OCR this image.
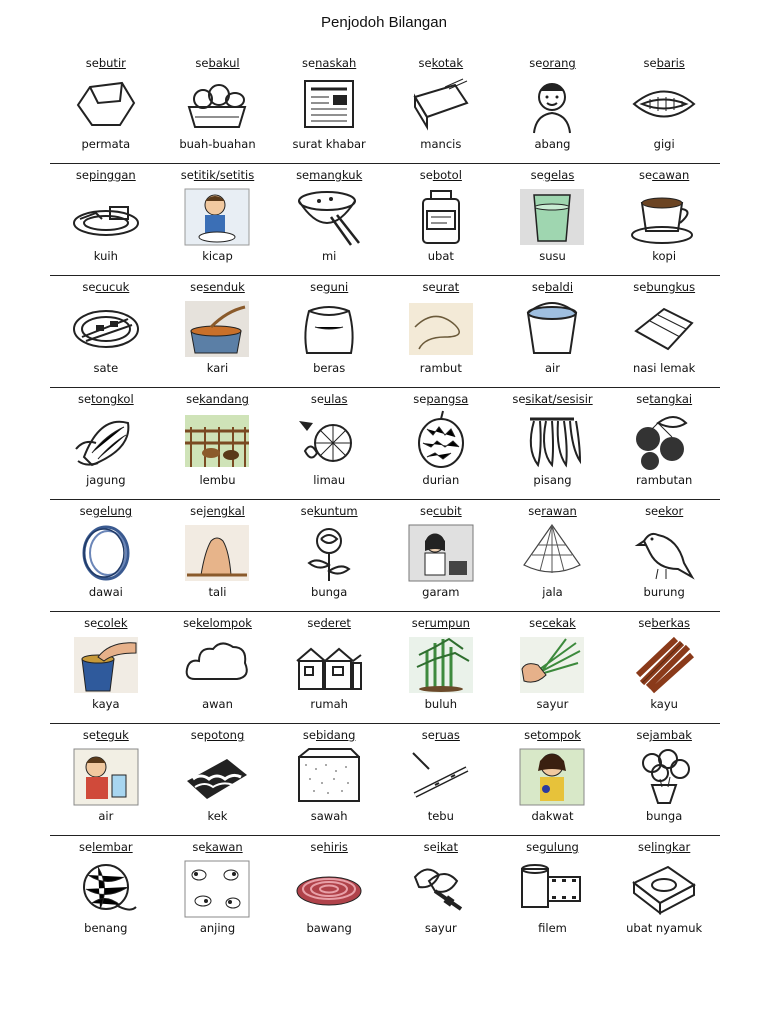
Penjodoh Bilangan
sebutir
permata
sebakul
buah-buahan
senaskah
surat khabar
sekotak
mancis
seorang
abang
sebaris
gigi
sepinggan
kuih
setitik/setitis
kicap
semangkuk
mi
sebotol
ubat
segelas
susu
secawan
kopi
secucuk
sate
sesenduk
kari
seguni
beras
seurat
rambut
sebaldi
air
sebungkus
nasi lemak
setongkol
jagung
sekandang
lembu
seulas
limau
sepangsa
durian
sesikat/sesisir
pisang
setangkai
rambutan
segelung
dawai
sejengkal
tali
sekuntum
bunga
secubit
garam
serawan
jala
seekor
burung
secolek
kaya
sekelompok
awan
sederet
rumah
serumpun
buluh
secekak
sayur
seberkas
kayu
seteguk
air
sepotong
kek
sebidang
sawah
seruas
tebu
setompok
dakwat
sejambak
bunga
selembar
benang
sekawan
anjing
sehiris
bawang
seikat
sayur
segulung
filem
selingkar
ubat nyamuk
